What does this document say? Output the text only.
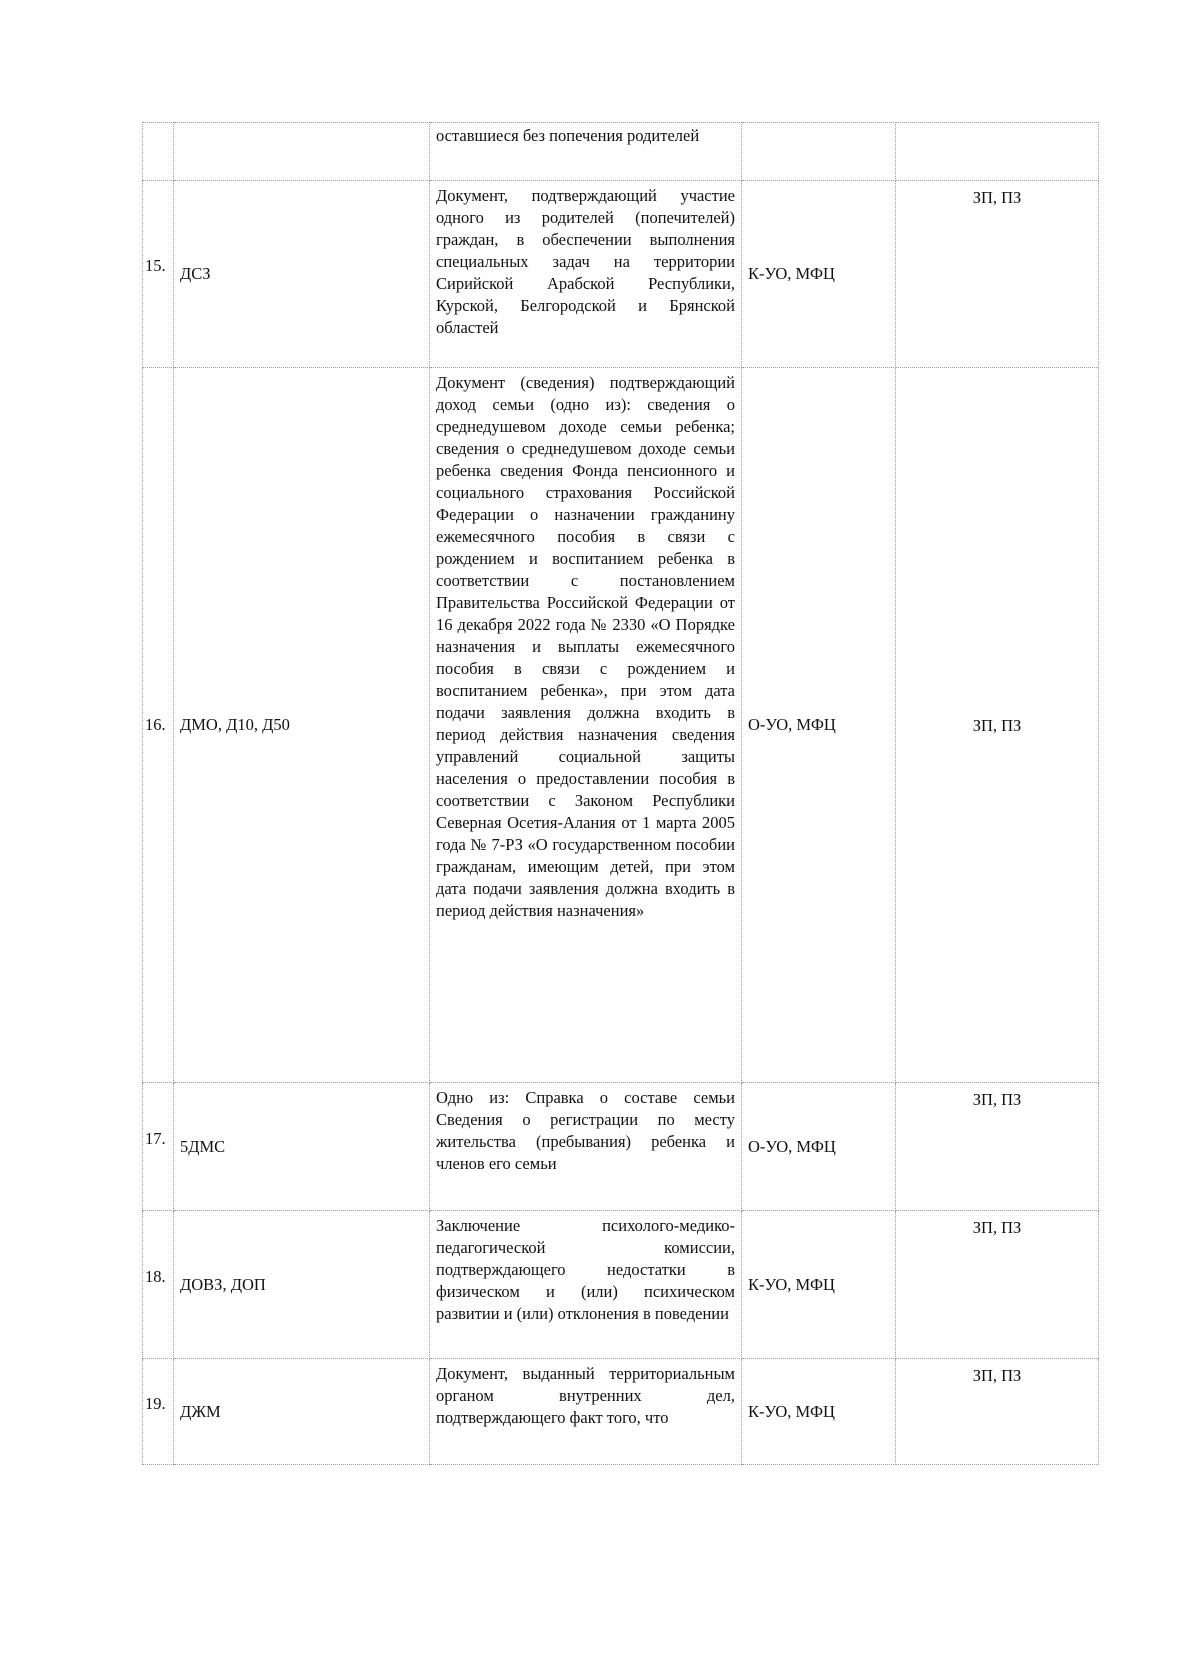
		оставшиеся без попечения родителей		

15.	ДСЗ	Документ, подтверждающий участие одного из родителей (попечителей) граждан, в обеспечении выполнения специальных задач на территории Сирийской Арабской Республики, Курской, Белгородской и Брянской областей	К-УО, МФЦ	ЗП, ПЗ
16.	ДМО, Д10, Д50	Документ (сведения) подтверждающий доход семьи (одно из): сведения о среднедушевом доходе семьи ребенка; сведения о среднедушевом доходе семьи ребенка сведения Фонда пенсионного и социального страхования Российской Федерации о назначении гражданину ежемесячного пособия в связи с рождением и воспитанием ребенка в соответствии с постановлением Правительства Российской Федерации от 16 декабря 2022 года № 2330 «О Порядке назначения и выплаты ежемесячного пособия в связи с рождением и воспитанием ребенка», при этом дата подачи заявления должна входить в период действия назначения сведения управлений социальной защиты населения о предоставлении пособия в соответствии с Законом Республики Северная Осетия-Алания от 1 марта 2005 года № 7-РЗ «О государственном пособии гражданам, имеющим детей, при этом дата подачи заявления должна входить в период действия назначения»	О-УО, МФЦ	ЗП, ПЗ
17.	5ДМС	Одно из: Справка о составе семьи Сведения о регистрации по месту жительства (пребывания) ребенка и членов его семьи	О-УО, МФЦ	ЗП, ПЗ
18.	ДОВЗ, ДОП	Заключение психолого-медико-педагогической комиссии, подтверждающего недостатки в физическом и (или) психическом развитии и (или) отклонения в поведении	К-УО, МФЦ	ЗП, ПЗ
19.	ДЖМ	Документ, выданный территориальным органом внутренних дел, подтверждающего факт того, что	К-УО, МФЦ	ЗП, ПЗ
